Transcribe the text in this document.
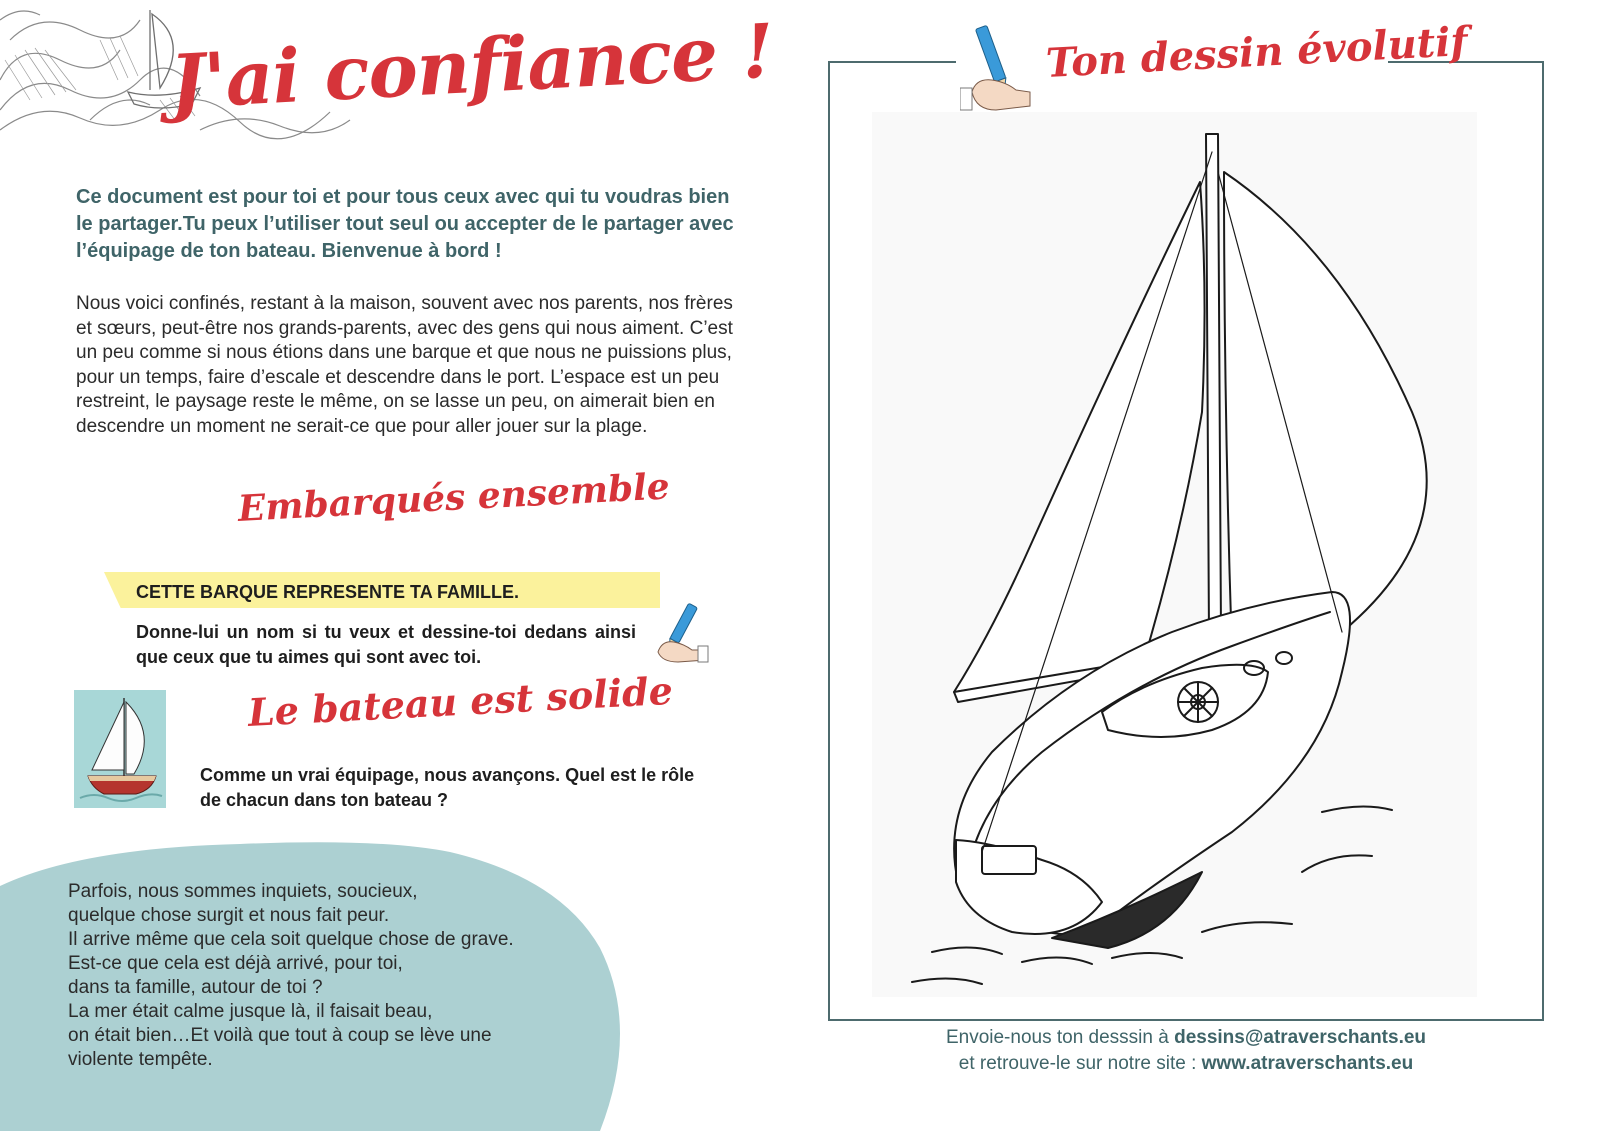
J'ai confiance !
Ce document est pour toi et pour tous ceux avec qui tu voudras bien le partager.Tu peux l’utiliser tout seul ou accepter de le partager avec l’équipage de ton bateau. Bienvenue à bord !
Nous voici confinés, restant à la maison, souvent avec nos parents, nos frères et sœurs, peut-être nos grands-parents, avec des gens qui nous aiment. C’est un peu comme si nous étions dans une barque et que nous ne puissions plus, pour un temps, faire d’escale et descendre dans le port. L’espace est un peu restreint, le paysage reste le même, on se lasse un peu, on aimerait bien en descendre un moment ne serait-ce que pour aller jouer sur la plage.
Embarqués ensemble
CETTE BARQUE REPRESENTE TA FAMILLE.
Donne-lui un nom si tu veux et dessine-toi dedans ainsi que ceux que tu aimes qui sont avec toi.
Le bateau est solide
Comme un vrai équipage, nous avançons. Quel est le rôle de chacun dans ton bateau ?
Parfois, nous sommes inquiets, soucieux,
quelque chose surgit et nous fait peur.
Il arrive même que cela soit quelque chose de grave.
Est-ce que cela est déjà arrivé, pour toi,
dans ta famille, autour de toi ?
La mer était calme jusque là, il faisait beau,
on était bien…Et voilà que tout à coup se lève une
violente tempête.
Ton dessin évolutif
Envoie-nous ton desssin à dessins@atraverschants.eu
et retrouve-le sur notre site : www.atraverschants.eu
